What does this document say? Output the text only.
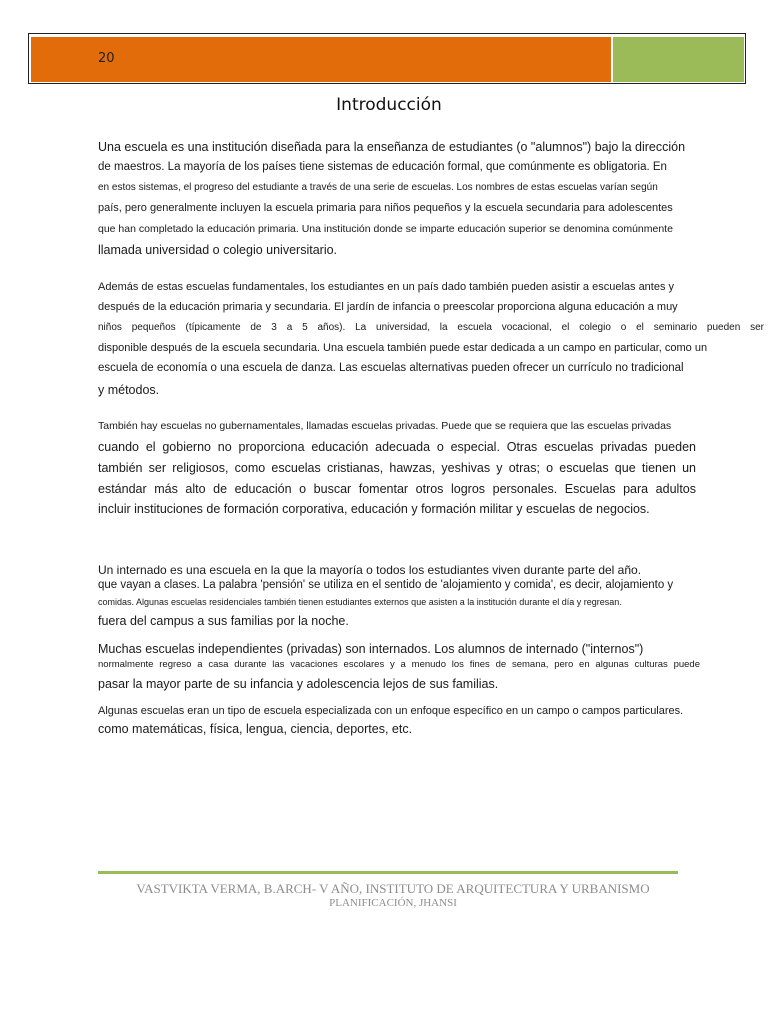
20
Introducción
Una escuela es una institución diseñada para la enseñanza de estudiantes (o "alumnos") bajo la dirección
de maestros. La mayoría de los países tiene sistemas de educación formal, que comúnmente es obligatoria. En
en estos sistemas, el progreso del estudiante a través de una serie de escuelas. Los nombres de estas escuelas varían según
país, pero generalmente incluyen la escuela primaria para niños pequeños y la escuela secundaria para adolescentes
que han completado la educación primaria. Una institución donde se imparte educación superior se denomina comúnmente
llamada universidad o colegio universitario.
Además de estas escuelas fundamentales, los estudiantes en un país dado también pueden asistir a escuelas antes y
después de la educación primaria y secundaria. El jardín de infancia o preescolar proporciona alguna educación a muy
niños pequeños (típicamente de 3 a 5 años). La universidad, la escuela vocacional, el colegio o el seminario pueden ser
disponible después de la escuela secundaria. Una escuela también puede estar dedicada a un campo en particular, como un
escuela de economía o una escuela de danza. Las escuelas alternativas pueden ofrecer un currículo no tradicional
y métodos.
También hay escuelas no gubernamentales, llamadas escuelas privadas. Puede que se requiera que las escuelas privadas
cuando el gobierno no proporciona educación adecuada o especial. Otras escuelas privadas pueden
también ser religiosos, como escuelas cristianas, hawzas, yeshivas y otras; o escuelas que tienen un
estándar más alto de educación o buscar fomentar otros logros personales. Escuelas para adultos
incluir instituciones de formación corporativa, educación y formación militar y escuelas de negocios.
Un internado es una escuela en la que la mayoría o todos los estudiantes viven durante parte del año.
que vayan a clases. La palabra 'pensión' se utiliza en el sentido de 'alojamiento y comida', es decir, alojamiento y
comidas. Algunas escuelas residenciales también tienen estudiantes externos que asisten a la institución durante el día y regresan.
fuera del campus a sus familias por la noche.
Muchas escuelas independientes (privadas) son internados. Los alumnos de internado ("internos")
normalmente regreso a casa durante las vacaciones escolares y a menudo los fines de semana, pero en algunas culturas puede
pasar la mayor parte de su infancia y adolescencia lejos de sus familias.
Algunas escuelas eran un tipo de escuela especializada con un enfoque específico en un campo o campos particulares.
como matemáticas, física, lengua, ciencia, deportes, etc.
VASTVIKTA VERMA, B.ARCH- V AÑO, INSTITUTO DE ARQUITECTURA Y URBANISMO
PLANIFICACIÓN, JHANSI
